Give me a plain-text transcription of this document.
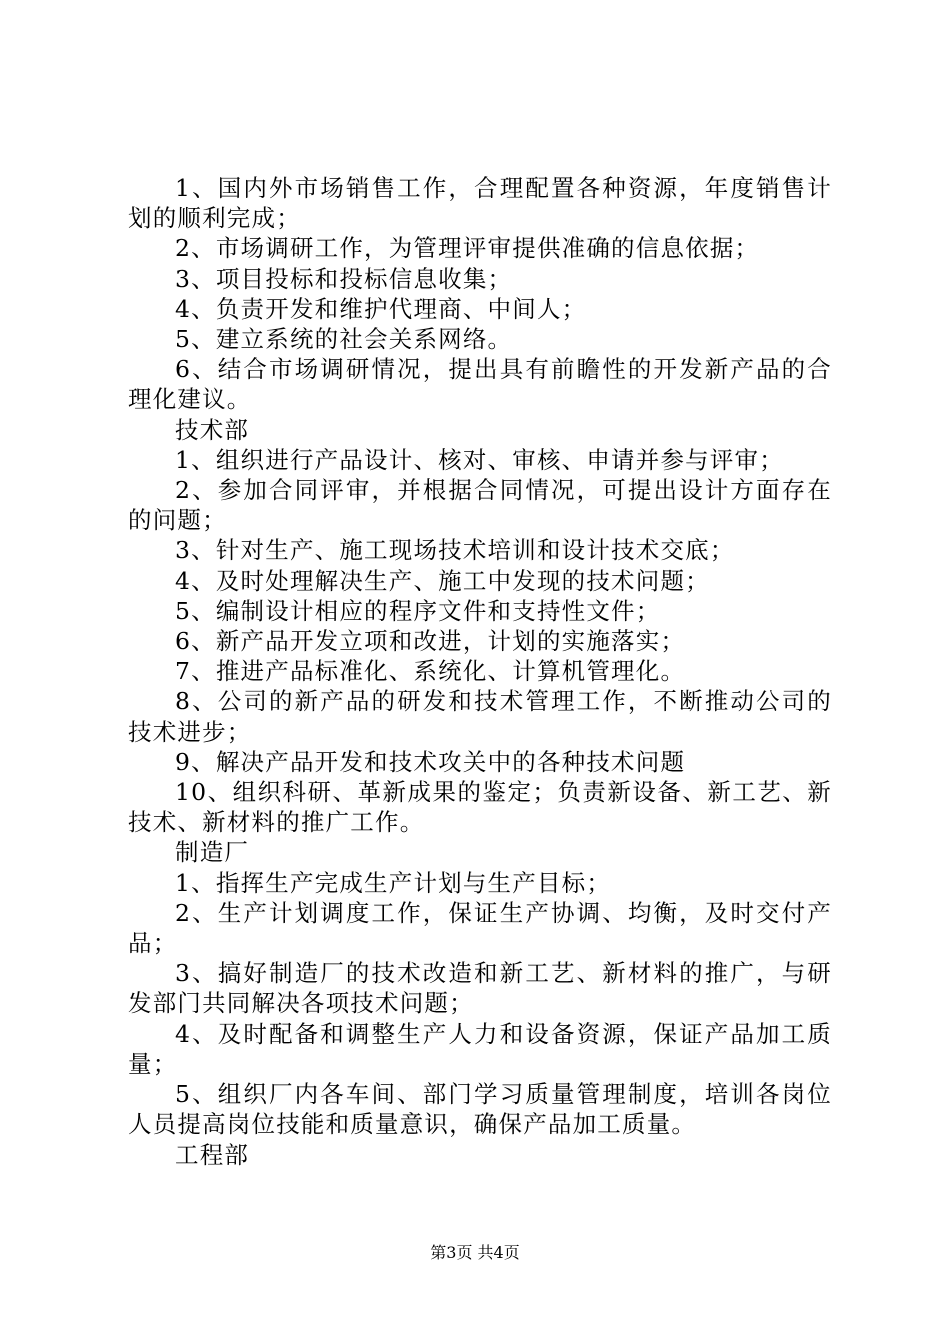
1、国内外市场销售工作，合理配置各种资源，年度销售计划的顺利完成；

2、市场调研工作，为管理评审提供准确的信息依据；

3、项目投标和投标信息收集；

4、负责开发和维护代理商、中间人；

5、建立系统的社会关系网络。

6、结合市场调研情况，提出具有前瞻性的开发新产品的合理化建议。

技术部

1、组织进行产品设计、核对、审核、申请并参与评审；

2、参加合同评审，并根据合同情况，可提出设计方面存在的问题；

3、针对生产、施工现场技术培训和设计技术交底；

4、及时处理解决生产、施工中发现的技术问题；

5、编制设计相应的程序文件和支持性文件；

6、新产品开发立项和改进，计划的实施落实；

7、推进产品标准化、系统化、计算机管理化。

8、公司的新产品的研发和技术管理工作，不断推动公司的技术进步；

9、解决产品开发和技术攻关中的各种技术问题

10、组织科研、革新成果的鉴定；负责新设备、新工艺、新技术、新材料的推广工作。

制造厂

1、指挥生产完成生产计划与生产目标；

2、生产计划调度工作，保证生产协调、均衡，及时交付产品；

3、搞好制造厂的技术改造和新工艺、新材料的推广，与研发部门共同解决各项技术问题；

4、及时配备和调整生产人力和设备资源，保证产品加工质量；

5、组织厂内各车间、部门学习质量管理制度，培训各岗位人员提高岗位技能和质量意识，确保产品加工质量。

工程部

第3页 共4页
